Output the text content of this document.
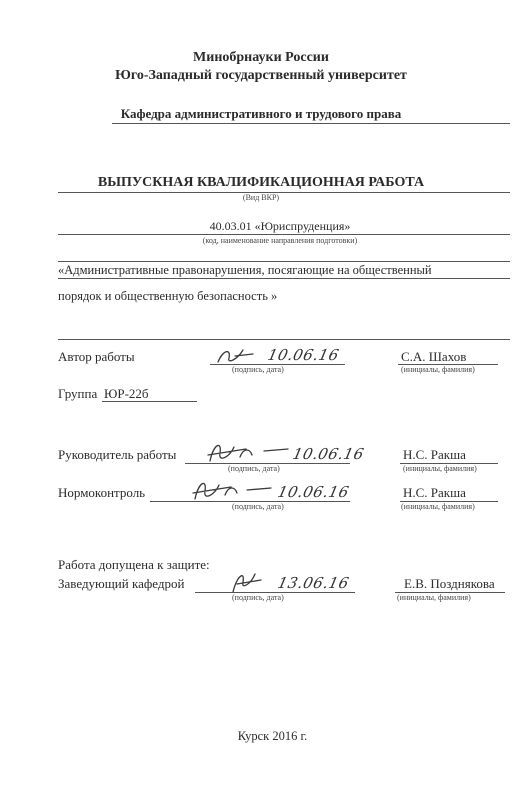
Минобрнауки России
Юго-Западный государственный университет
Кафедра административного и трудового права
ВЫПУСКНАЯ КВАЛИФИКАЦИОННАЯ РАБОТА
(Вид ВКР)
40.03.01 «Юриспруденция»
(код, наименование направления подготовки)
«Административные правонарушения, посягающие на общественный
порядок и общественную безопасность »
Автор работы	10.06.16
(подпись, дата)
С.А. Шахов
(инициалы, фамилия)
Группа ЮР-22б
Руководитель работы	10.06.16
(подпись, дата)
Н.С. Ракша
(инициалы, фамилия)
Нормоконтроль	10.06.16
(подпись, дата)
Н.С. Ракша
(инициалы, фамилия)
Работа допущена к защите:
Заведующий кафедрой	13.06.16
(подпись, дата)
Е.В. Позднякова
(инициалы, фамилия)
Курск 2016 г.
